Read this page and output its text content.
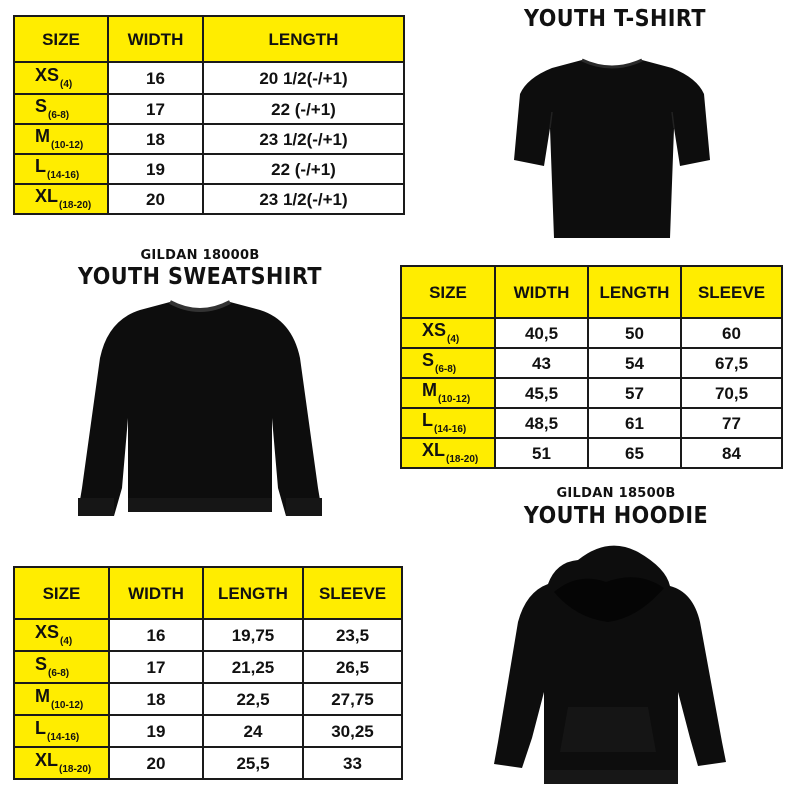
SIZE	WIDTH	LENGTH
$XS_{(4)}$	16	20 1/2(-/+1)
$S_{(6-8)}$	17	22 (-/+1)
$M_{(10-12)}$	18	23 1/2(-/+1)
$L_{(14-16)}$	19	22 (-/+1)
$XL_{(18-20)}$	20	23 1/2(-/+1)
YOUTH T-SHIRT
GILDAN 18000B
YOUTH SWEATSHIRT
SIZE	WIDTH	LENGTH	SLEEVE
$XS_{(4)}$	40,5	50	60
$S_{(6-8)}$	43	54	67,5
$M_{(10-12)}$	45,5	57	70,5
$L_{(14-16)}$	48,5	61	77
$XL_{(18-20)}$	51	65	84
GILDAN 18500B
YOUTH HOODIE
SIZE	WIDTH	LENGTH	SLEEVE
$XS_{(4)}$	16	19,75	23,5
$S_{(6-8)}$	17	21,25	26,5
$M_{(10-12)}$	18	22,5	27,75
$L_{(14-16)}$	19	24	30,25
$XL_{(18-20)}$	20	25,5	33
